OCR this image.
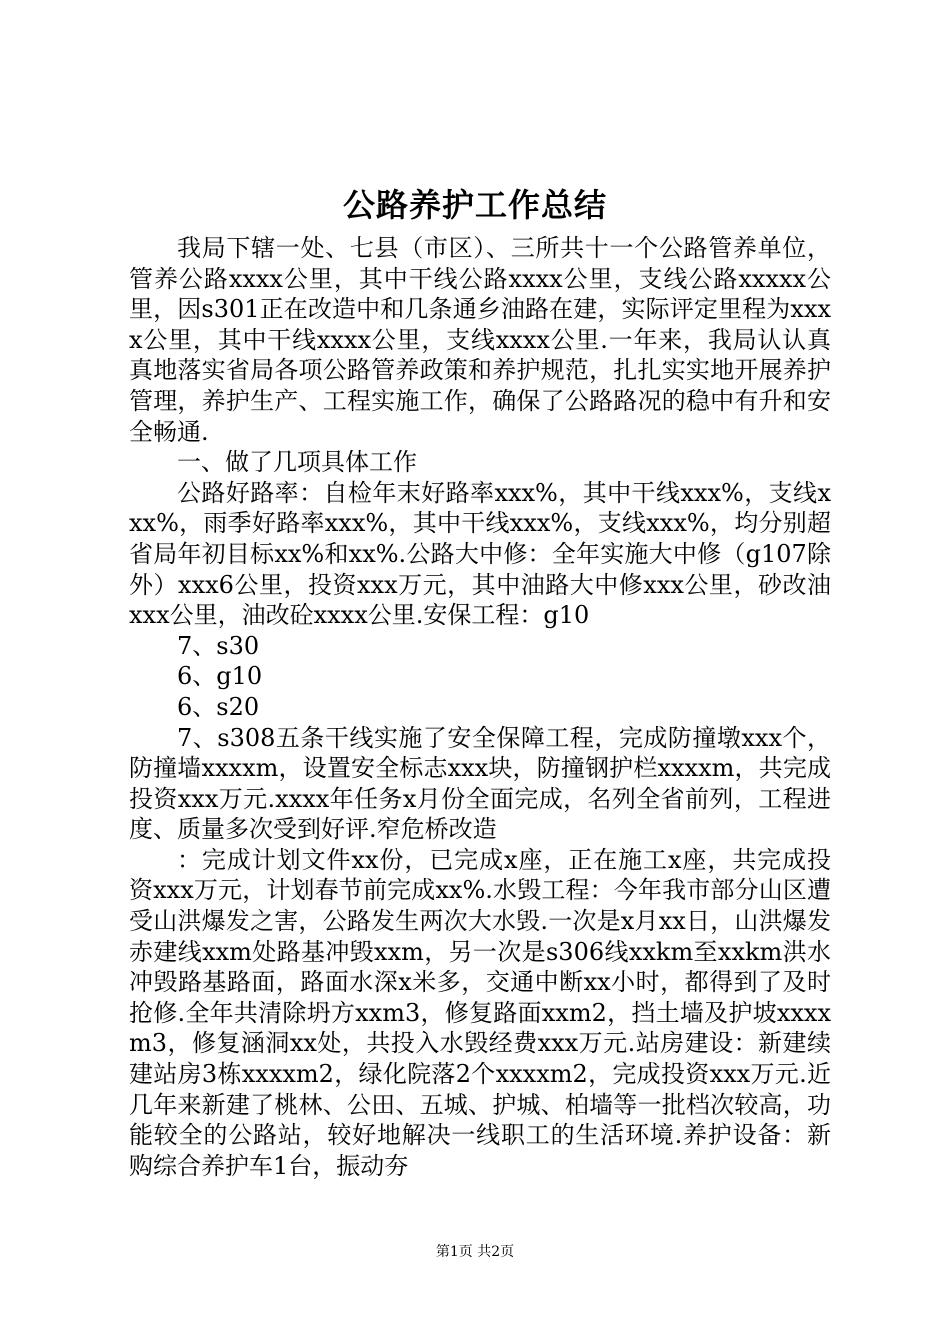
公路养护工作总结

我局下辖一处、七县（市区）、三所共十一个公路管养单位，管养公路xxxx公里，其中干线公路xxxx公里，支线公路xxxxx公里，因s301正在改造中和几条通乡油路在建，实际评定里程为xxxx公里，其中干线xxxx公里，支线xxxx公里.一年来，我局认认真真地落实省局各项公路管养政策和养护规范，扎扎实实地开展养护管理，养护生产、工程实施工作，确保了公路路况的稳中有升和安全畅通.

一、做了几项具体工作

公路好路率：自检年末好路率xxx%，其中干线xxx%，支线xxx%，雨季好路率xxx%，其中干线xxx%，支线xxx%，均分别超省局年初目标xx%和xx%.公路大中修：全年实施大中修（g107除外）xxx6公里，投资xxx万元，其中油路大中修xxx公里，砂改油xxx公里，油改砼xxxx公里.安保工程：g10

7、s30

6、g10

6、s20

7、s308五条干线实施了安全保障工程，完成防撞墩xxx个，防撞墙xxxxm，设置安全标志xxx块，防撞钢护栏xxxxm，共完成投资xxx万元.xxxx年任务x月份全面完成，名列全省前列，工程进度、质量多次受到好评.窄危桥改造

：完成计划文件xx份，已完成x座，正在施工x座，共完成投资xxx万元，计划春节前完成xx%.水毁工程：今年我市部分山区遭受山洪爆发之害，公路发生两次大水毁.一次是x月xx日，山洪爆发赤建线xxm处路基冲毁xxm，另一次是s306线xxkm至xxkm洪水冲毁路基路面，路面水深x米多，交通中断xx小时，都得到了及时抢修.全年共清除坍方xxm3，修复路面xxm2，挡土墙及护坡xxxxm3，修复涵洞xx处，共投入水毁经费xxx万元.站房建设：新建续建站房3栋xxxxm2，绿化院落2个xxxxm2，完成投资xxx万元.近几年来新建了桃林、公田、五城、护城、柏墙等一批档次较高，功能较全的公路站，较好地解决一线职工的生活环境.养护设备：新购综合养护车1台，振动夯

第1页 共2页
